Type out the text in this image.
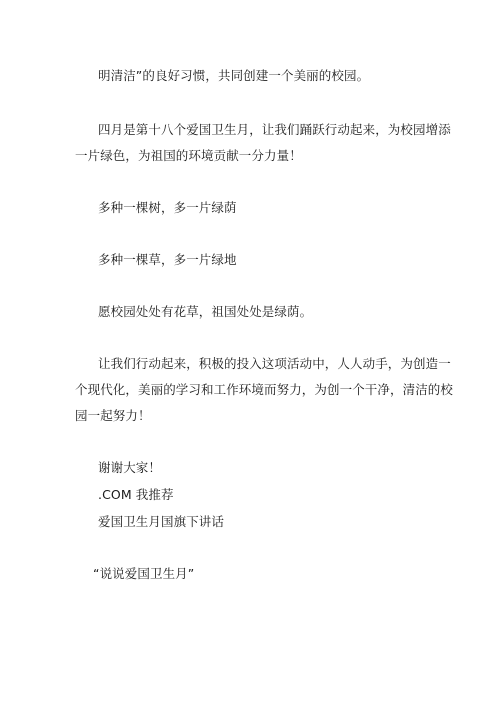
明清洁”的良好习惯，共同创建一个美丽的校园。
四月是第十八个爱国卫生月，让我们踊跃行动起来，为校园增添
一片绿色，为祖国的环境贡献一分力量！
多种一棵树，多一片绿荫
多种一棵草，多一片绿地
愿校园处处有花草，祖国处处是绿荫。
让我们行动起来，积极的投入这项活动中，人人动手，为创造一
个现代化，美丽的学习和工作环境而努力，为创一个干净，清洁的校
园一起努力！
谢谢大家！
.COM 我推荐
爱国卫生月国旗下讲话
“说说爱国卫生月”
